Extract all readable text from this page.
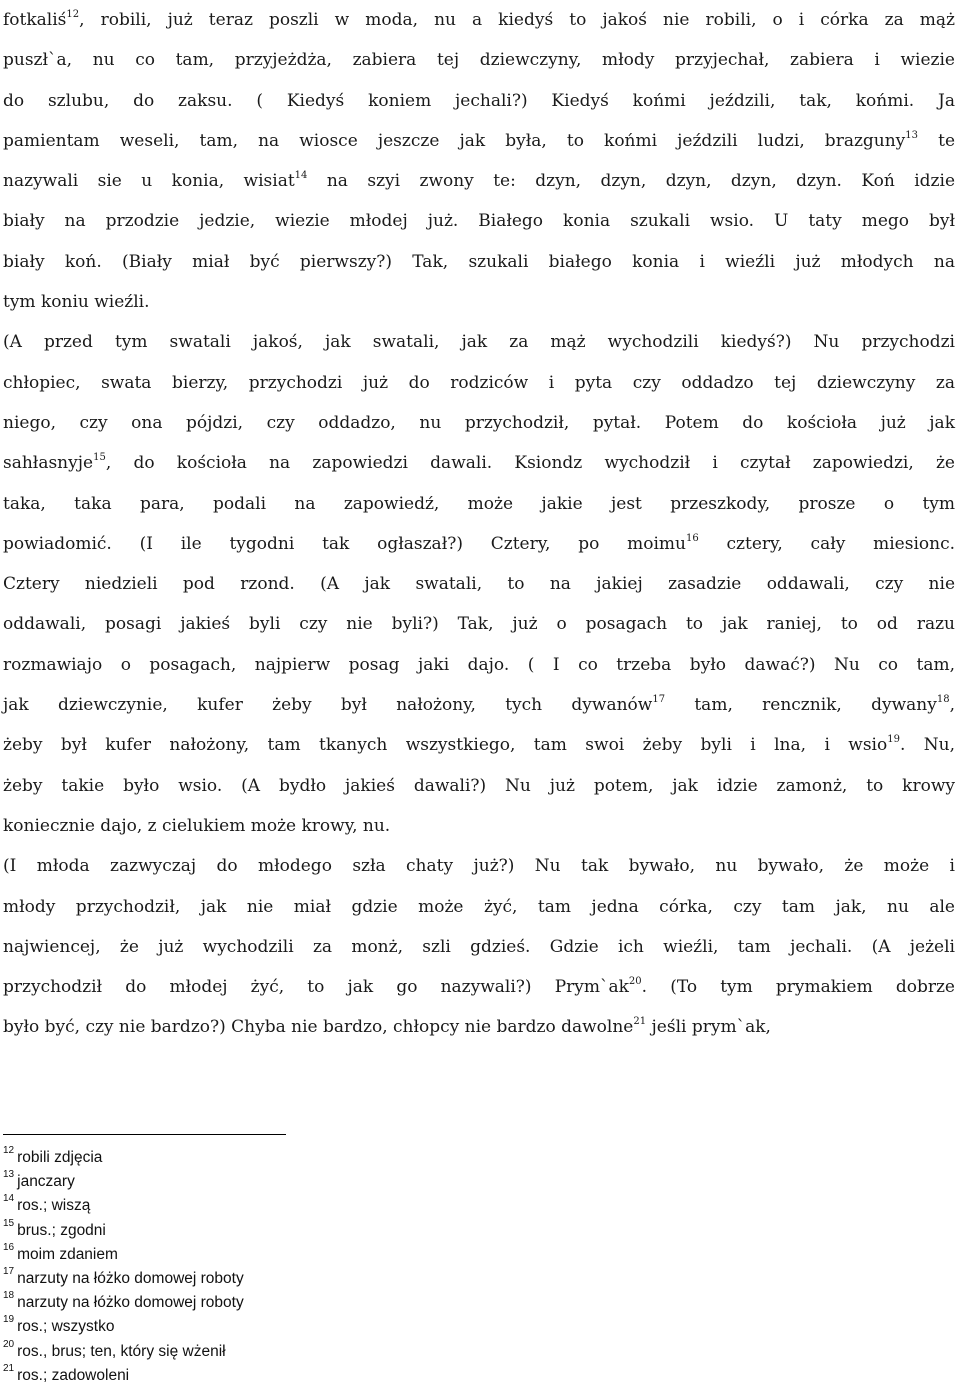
fotkaliś$^{12}$, robili, już teraz poszli w moda, nu a kiedyś to jakoś nie robili, o i córka za mąż
puszł`a, nu co tam, przyjeżdża, zabiera tej dziewczyny, młody przyjechał, zabiera i wiezie
do szlubu, do zaksu. ( Kiedyś koniem jechali?) Kiedyś końmi jeździli, tak, końmi. Ja
pamientam weseli, tam, na wiosce jeszcze jak była, to końmi jeździli ludzi, brazguny$^{13}$ te
nazywali sie u konia, wisiat$^{14}$ na szyi zwony te: dzyn, dzyn, dzyn, dzyn, dzyn. Koń idzie
biały na przodzie jedzie, wiezie młodej już. Białego konia szukali wsio. U taty mego był
biały koń. (Biały miał być pierwszy?) Tak, szukali białego konia i wieźli już młodych na
tym koniu wieźli.
(A przed tym swatali jakoś, jak swatali, jak za mąż wychodzili kiedyś?) Nu przychodzi
chłopiec, swata bierzy, przychodzi już do rodziców i pyta czy oddadzo tej dziewczyny za
niego, czy ona pójdzi, czy oddadzo, nu przychodził, pytał. Potem do kościoła już jak
sahłasnyje$^{15}$, do kościoła na zapowiedzi dawali. Ksiondz wychodził i czytał zapowiedzi, że
taka, taka para, podali na zapowiedź, może jakie jest przeszkody, prosze o tym
powiadomić. (I ile tygodni tak ogłaszał?) Cztery, po moimu$^{16}$ cztery, cały miesionc.
Cztery niedzieli pod rzond. (A jak swatali, to na jakiej zasadzie oddawali, czy nie
oddawali, posagi jakieś byli czy nie byli?) Tak, już o posagach to jak raniej, to od razu
rozmawiajo o posagach, najpierw posag jaki dajo. ( I co trzeba było dawać?) Nu co tam,
jak dziewczynie, kufer żeby był nałożony, tych dywanów$^{17}$ tam, rencznik, dywany$^{18}$,
żeby był kufer nałożony, tam tkanych wszystkiego, tam swoi żeby byli i lna, i wsio$^{19}$. Nu,
żeby takie było wsio. (A bydło jakieś dawali?) Nu już potem, jak idzie zamonż, to krowy
koniecznie dajo, z cielukiem może krowy, nu.
(I młoda zazwyczaj do młodego szła chaty już?) Nu tak bywało, nu bywało, że może i
młody przychodził, jak nie miał gdzie może żyć, tam jedna córka, czy tam jak, nu ale
najwiencej, że już wychodzili za monż, szli gdzieś. Gdzie ich wieźli, tam jechali. (A jeżeli
przychodził do młodej żyć, to jak go nazywali?) $Prym`ak^{20}$. (To tym prymakiem dobrze
było być, czy nie bardzo?) Chyba nie bardzo, chłopcy nie bardzo dawolne$^{21}$ jeśli prym`ak,
$^{12}$ robili zdjęcia
$^{13}$ janczary
$^{14}$ ros.; wiszą
$^{15}$ brus.; zgodni
$^{16}$ moim zdaniem
$^{17}$ narzuty na łóżko domowej roboty
$^{18}$ narzuty na łóżko domowej roboty
$^{19}$ ros.; wszystko
$^{20}$ ros., brus; ten, który się wżenił
$^{21}$ ros.; zadowoleni
